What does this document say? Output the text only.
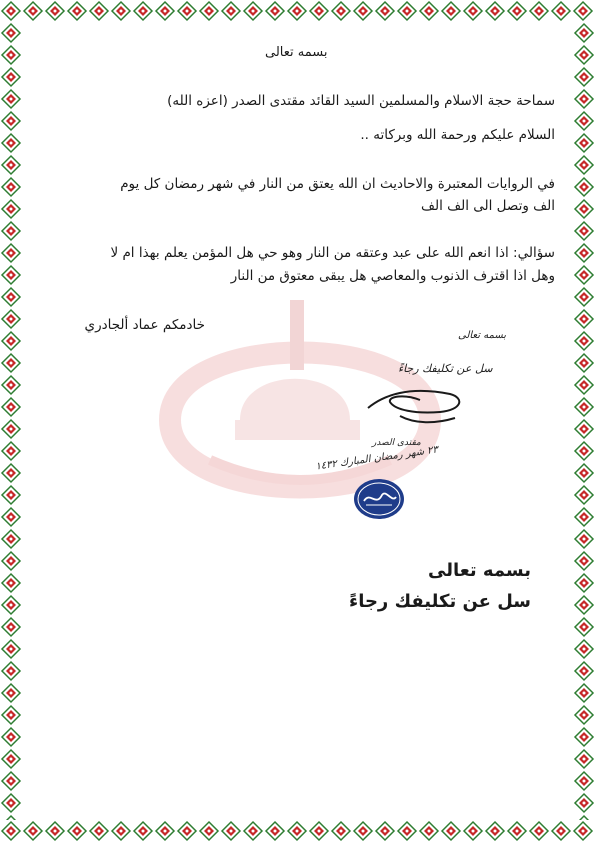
بسمه تعالى
سماحة حجة الاسلام والمسلمين السيد القائد مقتدى الصدر (اعزه الله)
السلام عليكم ورحمة الله وبركاته ..
في الروايات المعتبرة والاحاديث ان الله يعتق من النار في شهر رمضان كل يوم
الف وتصل الى الف الف
سؤالي: اذا انعم الله على عبد وعتقه من النار وهو حي هل المؤمن يعلم بهذا ام لا
وهل اذا اقترف الذنوب والمعاصي هل يبقى معتوق من النار
خادمكم عماد ألجادري
بسمه تعالى
سل عن تكليفك رجاءً
مقتدى الصدر
٢٣ شهر رمضان المبارك ١٤٣٢
بسمه تعالى
سل عن تكليفك رجاءً
